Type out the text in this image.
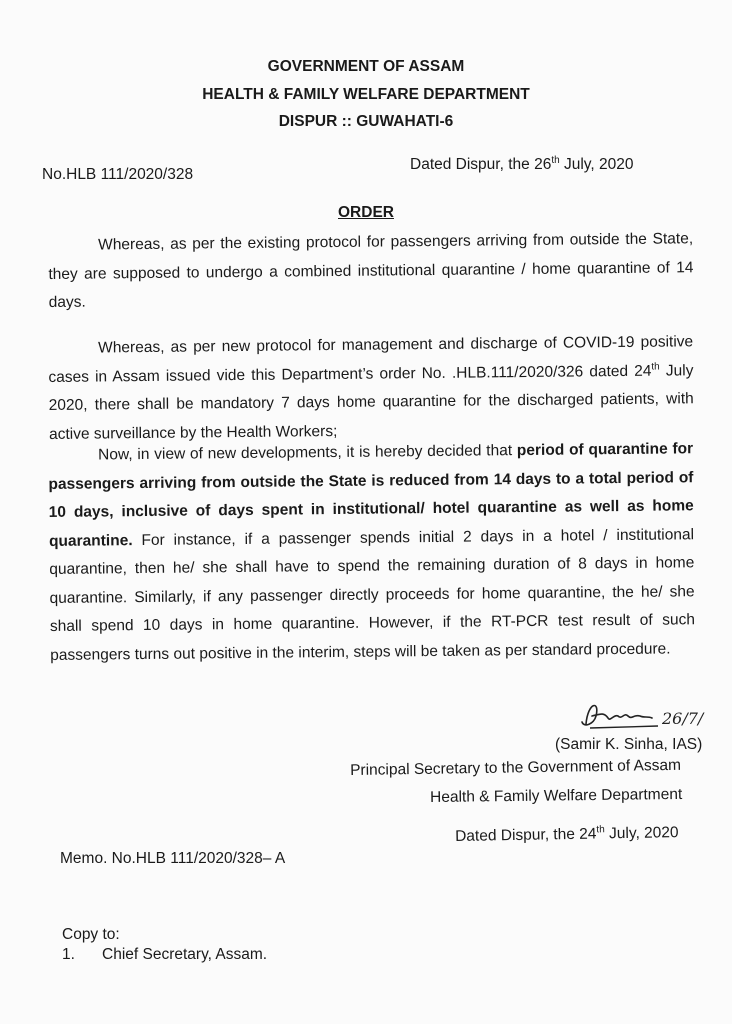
GOVERNMENT OF ASSAM
HEALTH & FAMILY WELFARE DEPARTMENT
DISPUR :: GUWAHATI-6
No.HLB 111/2020/328
Dated Dispur, the 26th July, 2020
ORDER

Whereas, as per the existing protocol for passengers arriving from outside the State, they are supposed to undergo a combined institutional quarantine / home quarantine of 14 days.

Whereas, as per new protocol for management and discharge of COVID-19 positive cases in Assam issued vide this Department’s order No. .HLB.111/2020/326 dated 24th July 2020, there shall be mandatory 7 days home quarantine for the discharged patients, with active surveillance by the Health Workers;

Now, in view of new developments, it is hereby decided that period of quarantine for passengers arriving from outside the State is reduced from 14 days to a total period of 10 days, inclusive of days spent in institutional/ hotel quarantine as well as home quarantine. For instance, if a passenger spends initial 2 days in a hotel / institutional quarantine, then he/ she shall have to spend the remaining duration of 8 days in home quarantine. Similarly, if any passenger directly proceeds for home quarantine, the he/ she shall spend 10 days in home quarantine. However, if the RT-PCR test result of such passengers turns out positive in the interim, steps will be taken as per standard procedure.

26/7/
(Samir K. Sinha, IAS)
Principal Secretary to the Government of Assam
Health & Family Welfare Department
Dated Dispur, the 24th July, 2020
Memo. No.HLB 111/2020/328– A
Copy to:
1. Chief Secretary, Assam.
